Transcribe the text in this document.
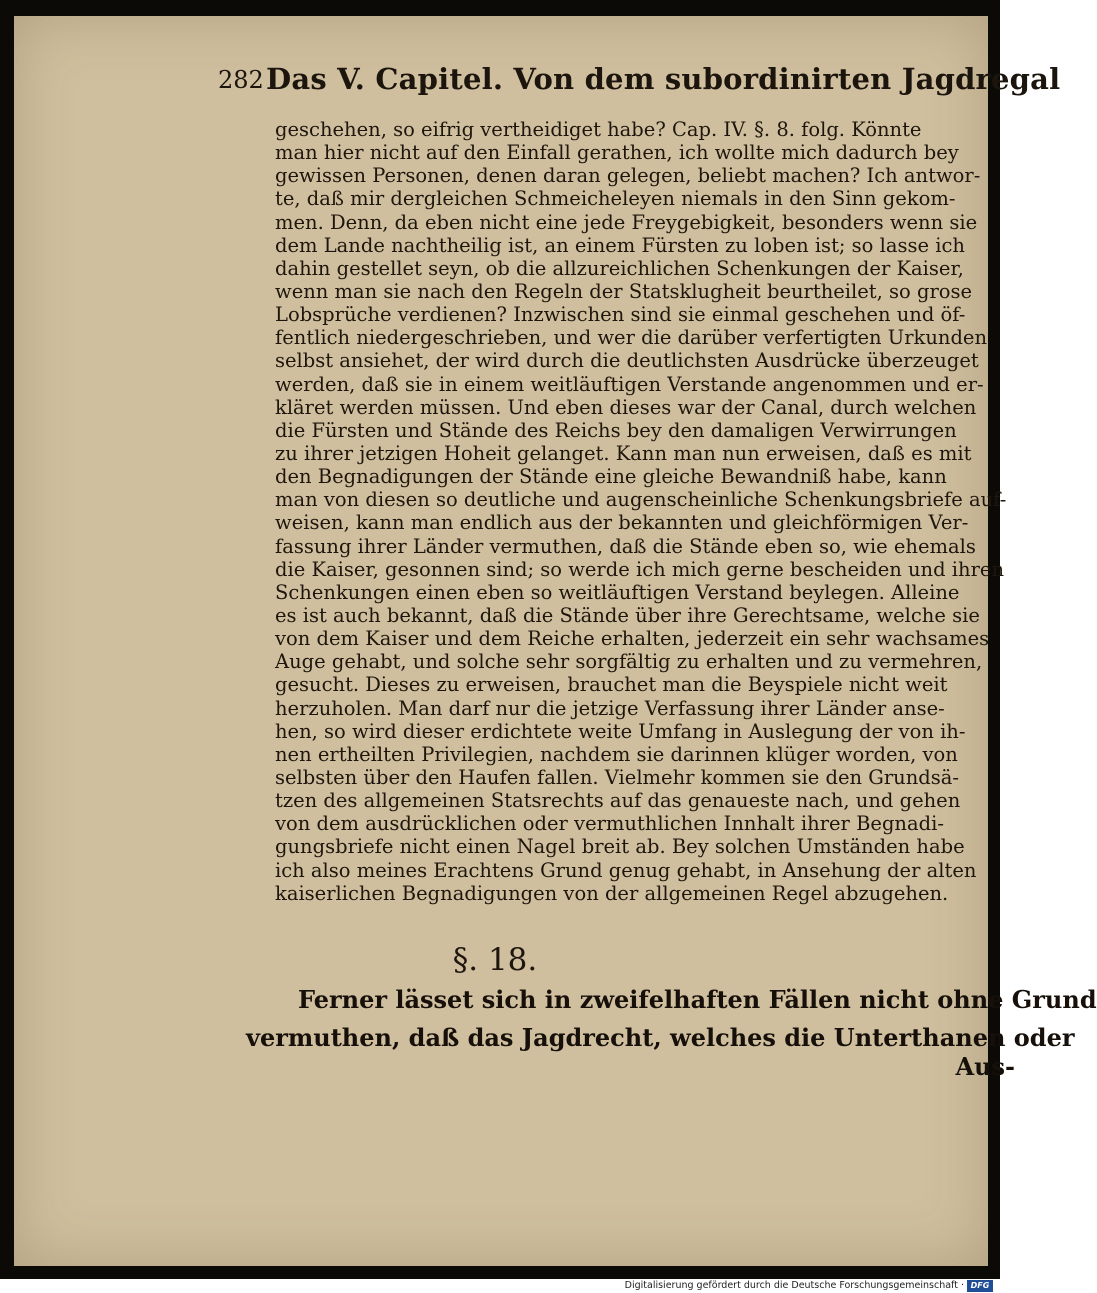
282 Das V. Capitel. Von dem subordinirten Jagdregal
geschehen, so eifrig vertheidiget habe? Cap. IV. §. 8. folg. Könnte
man hier nicht auf den Einfall gerathen, ich wollte mich dadurch bey
gewissen Personen, denen daran gelegen, beliebt machen? Ich antwor-
te, daß mir dergleichen Schmeicheleyen niemals in den Sinn gekom-
men. Denn, da eben nicht eine jede Freygebigkeit, besonders wenn sie
dem Lande nachtheilig ist, an einem Fürsten zu loben ist; so lasse ich
dahin gestellet seyn, ob die allzureichlichen Schenkungen der Kaiser,
wenn man sie nach den Regeln der Statsklugheit beurtheilet, so grose
Lobsprüche verdienen? Inzwischen sind sie einmal geschehen und öf-
fentlich niedergeschrieben, und wer die darüber verfertigten Urkunden
selbst ansiehet, der wird durch die deutlichsten Ausdrücke überzeuget
werden, daß sie in einem weitläuftigen Verstande angenommen und er-
kläret werden müssen. Und eben dieses war der Canal, durch welchen
die Fürsten und Stände des Reichs bey den damaligen Verwirrungen
zu ihrer jetzigen Hoheit gelanget. Kann man nun erweisen, daß es mit
den Begnadigungen der Stände eine gleiche Bewandniß habe, kann
man von diesen so deutliche und augenscheinliche Schenkungsbriefe auf-
weisen, kann man endlich aus der bekannten und gleichförmigen Ver-
fassung ihrer Länder vermuthen, daß die Stände eben so, wie ehemals
die Kaiser, gesonnen sind; so werde ich mich gerne bescheiden und ihren
Schenkungen einen eben so weitläuftigen Verstand beylegen. Alleine
es ist auch bekannt, daß die Stände über ihre Gerechtsame, welche sie
von dem Kaiser und dem Reiche erhalten, jederzeit ein sehr wachsames
Auge gehabt, und solche sehr sorgfältig zu erhalten und zu vermehren,
gesucht. Dieses zu erweisen, brauchet man die Beyspiele nicht weit
herzuholen. Man darf nur die jetzige Verfassung ihrer Länder anse-
hen, so wird dieser erdichtete weite Umfang in Auslegung der von ih-
nen ertheilten Privilegien, nachdem sie darinnen klüger worden, von
selbsten über den Haufen fallen. Vielmehr kommen sie den Grundsä-
tzen des allgemeinen Statsrechts auf das genaueste nach, und gehen
von dem ausdrücklichen oder vermuthlichen Innhalt ihrer Begnadi-
gungsbriefe nicht einen Nagel breit ab. Bey solchen Umständen habe
ich also meines Erachtens Grund genug gehabt, in Ansehung der alten
kaiserlichen Begnadigungen von der allgemeinen Regel abzugehen.
§. 18.
Ferner lässet sich in zweifelhaften Fällen nicht ohne Grund
vermuthen, daß das Jagdrecht, welches die Unterthanen oder
Aus-
Digitalisierung gefördert durch die Deutsche Forschungsgemeinschaft · DFG
